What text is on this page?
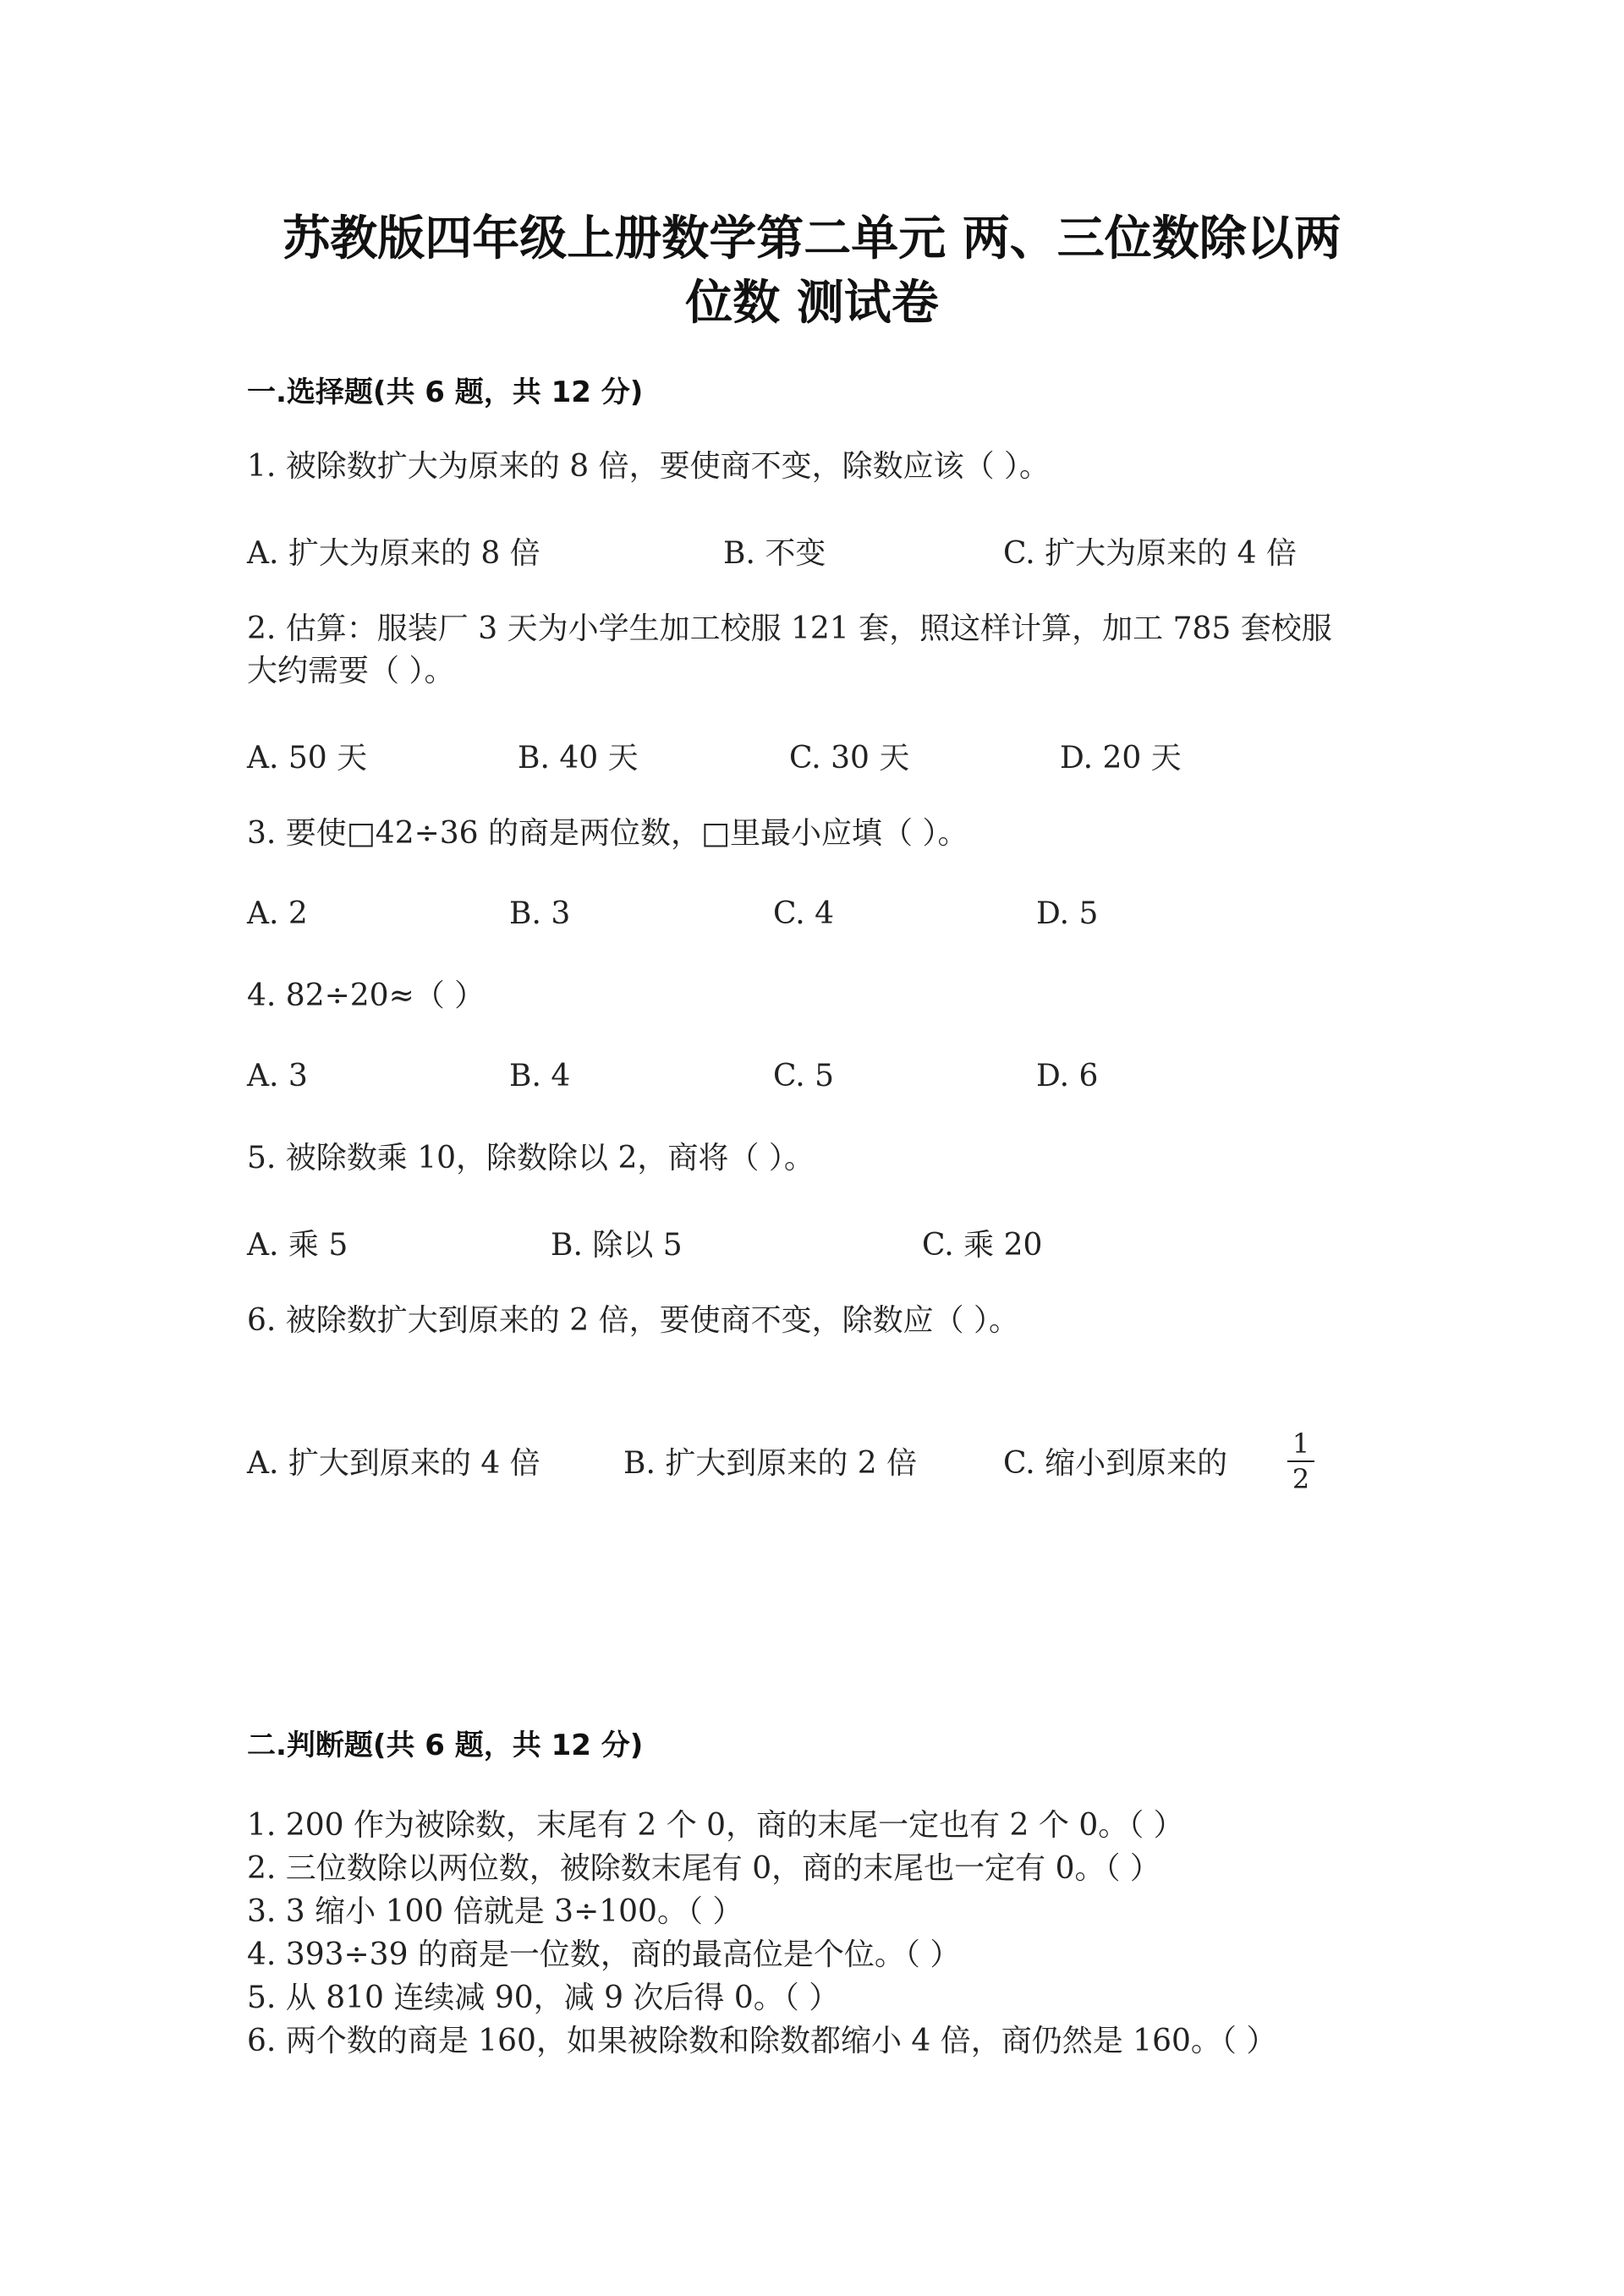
苏教版四年级上册数学第二单元 两、三位数除以两
位数 测试卷
一.选择题(共 6 题，共 12 分)
1. 被除数扩大为原来的 8 倍，要使商不变，除数应该（ ）。
A. 扩大为原来的 8 倍	B. 不变	C. 扩大为原来的 4 倍
2. 估算：服装厂 3 天为小学生加工校服 121 套，照这样计算，加工 785 套校服
大约需要（ ）。
A. 50 天	B. 40 天	C. 30 天	D. 20 天
3. 要使□42÷36 的商是两位数，□里最小应填（ ）。
A. 2	B. 3	C. 4	D. 5
4. 82÷20≈（ ）
A. 3	B. 4	C. 5	D. 6
5. 被除数乘 10，除数除以 2，商将（ ）。
A. 乘 5	B. 除以 5	C. 乘 20
6. 被除数扩大到原来的 2 倍，要使商不变，除数应（ ）。
A. 扩大到原来的 4 倍	B. 扩大到原来的 2 倍	C. 缩小到原来的
1
2
二.判断题(共 6 题，共 12 分)
1. 200 作为被除数，末尾有 2 个 0，商的末尾一定也有 2 个 0。（ ）
2. 三位数除以两位数，被除数末尾有 0，商的末尾也一定有 0。（ ）
3. 3 缩小 100 倍就是 3÷100。（ ）
4. 393÷39 的商是一位数，商的最高位是个位。（ ）
5. 从 810 连续减 90，减 9 次后得 0。（ ）
6. 两个数的商是 160，如果被除数和除数都缩小 4 倍，商仍然是 160。（ ）
